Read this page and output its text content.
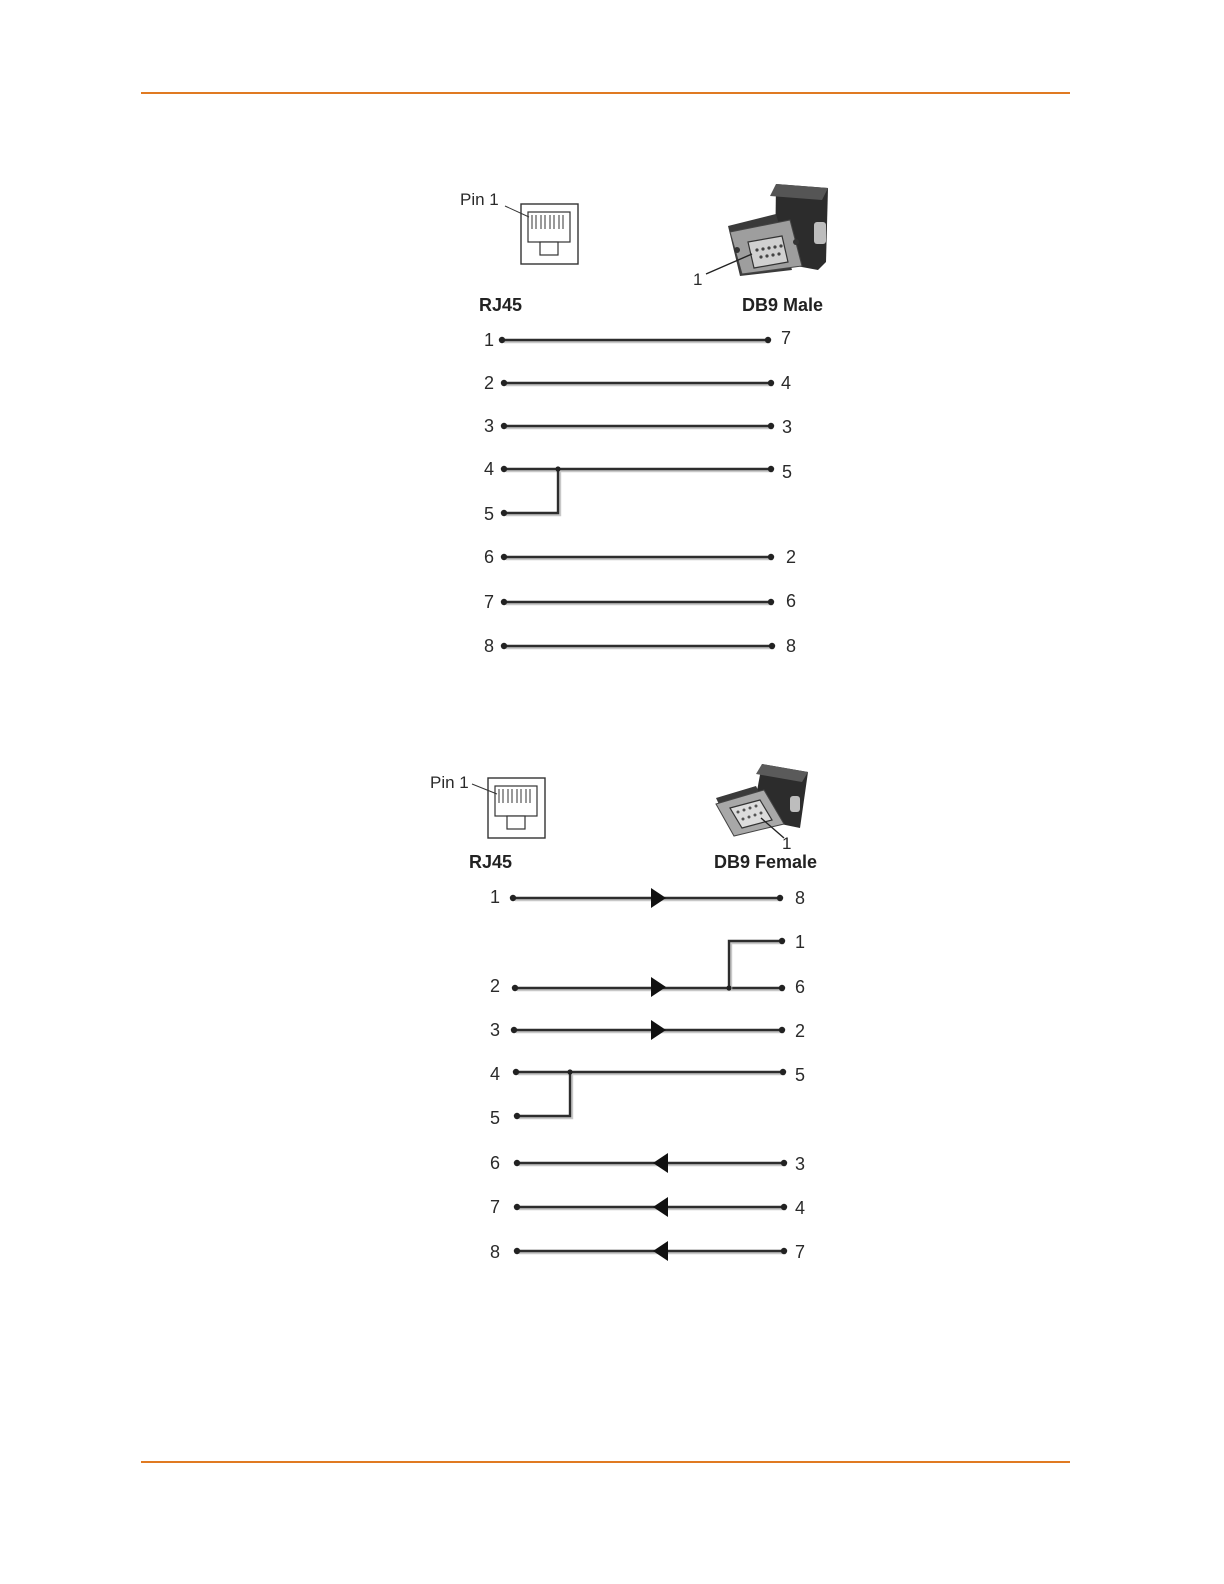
Pin 1
1
RJ45	DB9 Male
1
2
3
4
5
6
7
8
7
4
3
5
2
6
8
Pin 1
1
RJ45	DB9 Female
1
2
3
4
5
6
7
8
8
1
6
2
5
3
4
7
